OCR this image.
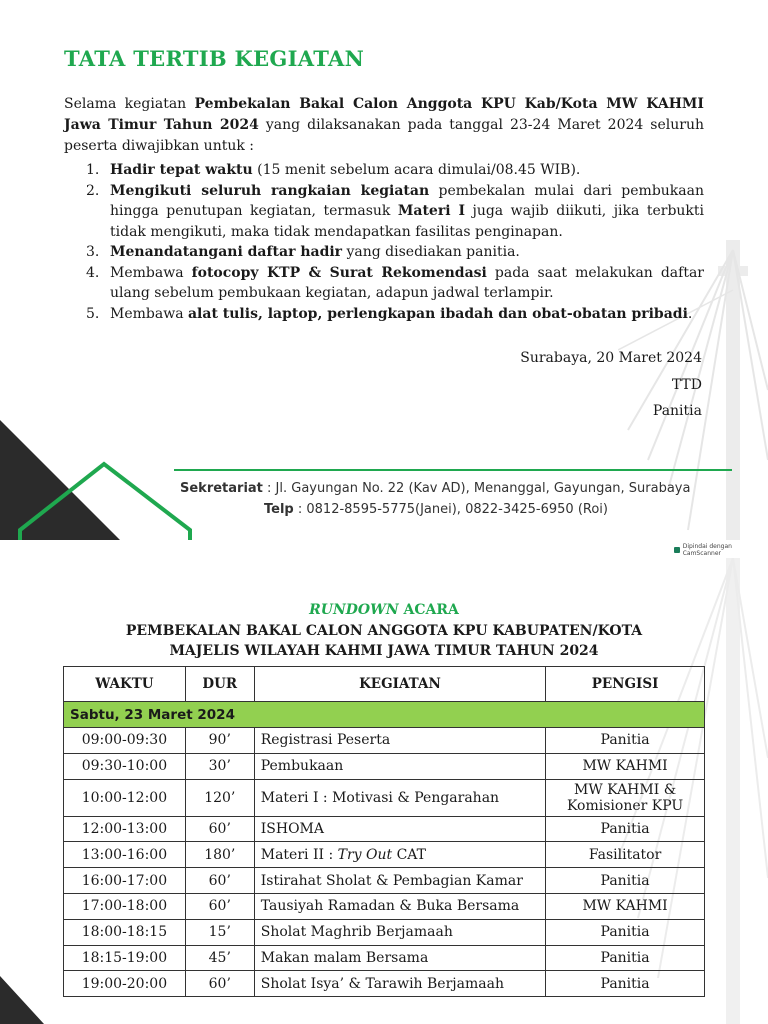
TATA TERTIB KEGIATAN

Selama kegiatan Pembekalan Bakal Calon Anggota KPU Kab/Kota MW KAHMI Jawa Timur Tahun 2024 yang dilaksanakan pada tanggal 23-24 Maret 2024 seluruh peserta diwajibkan untuk :

1. Hadir tepat waktu (15 menit sebelum acara dimulai/08.45 WIB).
2. Mengikuti seluruh rangkaian kegiatan pembekalan mulai dari pembukaan hingga penutupan kegiatan, termasuk Materi I juga wajib diikuti, jika terbukti tidak mengikuti, maka tidak mendapatkan fasilitas penginapan.
3. Menandatangani daftar hadir yang disediakan panitia.
4. Membawa fotocopy KTP & Surat Rekomendasi pada saat melakukan daftar ulang sebelum pembukaan kegiatan, adapun jadwal terlampir.
5. Membawa alat tulis, laptop, perlengkapan ibadah dan obat-obatan pribadi.
Surabaya, 20 Maret 2024
TTD
Panitia
Sekretariat : Jl. Gayungan No. 22 (Kav AD), Menanggal, Gayungan, Surabaya
Telp : 0812-8595-5775(Janei), 0822-3425-6950 (Roi)
Dipindai dengan CamScanner
RUNDOWN ACARA
PEMBEKALAN BAKAL CALON ANGGOTA KPU KABUPATEN/KOTA
MAJELIS WILAYAH KAHMI JAWA TIMUR TAHUN 2024
WAKTU	DUR	KEGIATAN	PENGISI
Sabtu, 23 Maret 2024			
09:00-09:30	90’	Registrasi Peserta	Panitia
09:30-10:00	30’	Pembukaan	MW KAHMI
10:00-12:00	120’	Materi I : Motivasi & Pengarahan	MW KAHMI &
Komisioner KPU

12:00-13:00	60’	ISHOMA	Panitia
13:00-16:00	180’	Materi II : Try Out CAT	Fasilitator
16:00-17:00	60’	Istirahat Sholat & Pembagian Kamar	Panitia
17:00-18:00	60’	Tausiyah Ramadan & Buka Bersama	MW KAHMI
18:00-18:15	15’	Sholat Maghrib Berjamaah	Panitia
18:15-19:00	45’	Makan malam Bersama	Panitia
19:00-20:00	60’	Sholat Isya’ & Tarawih Berjamaah	Panitia
